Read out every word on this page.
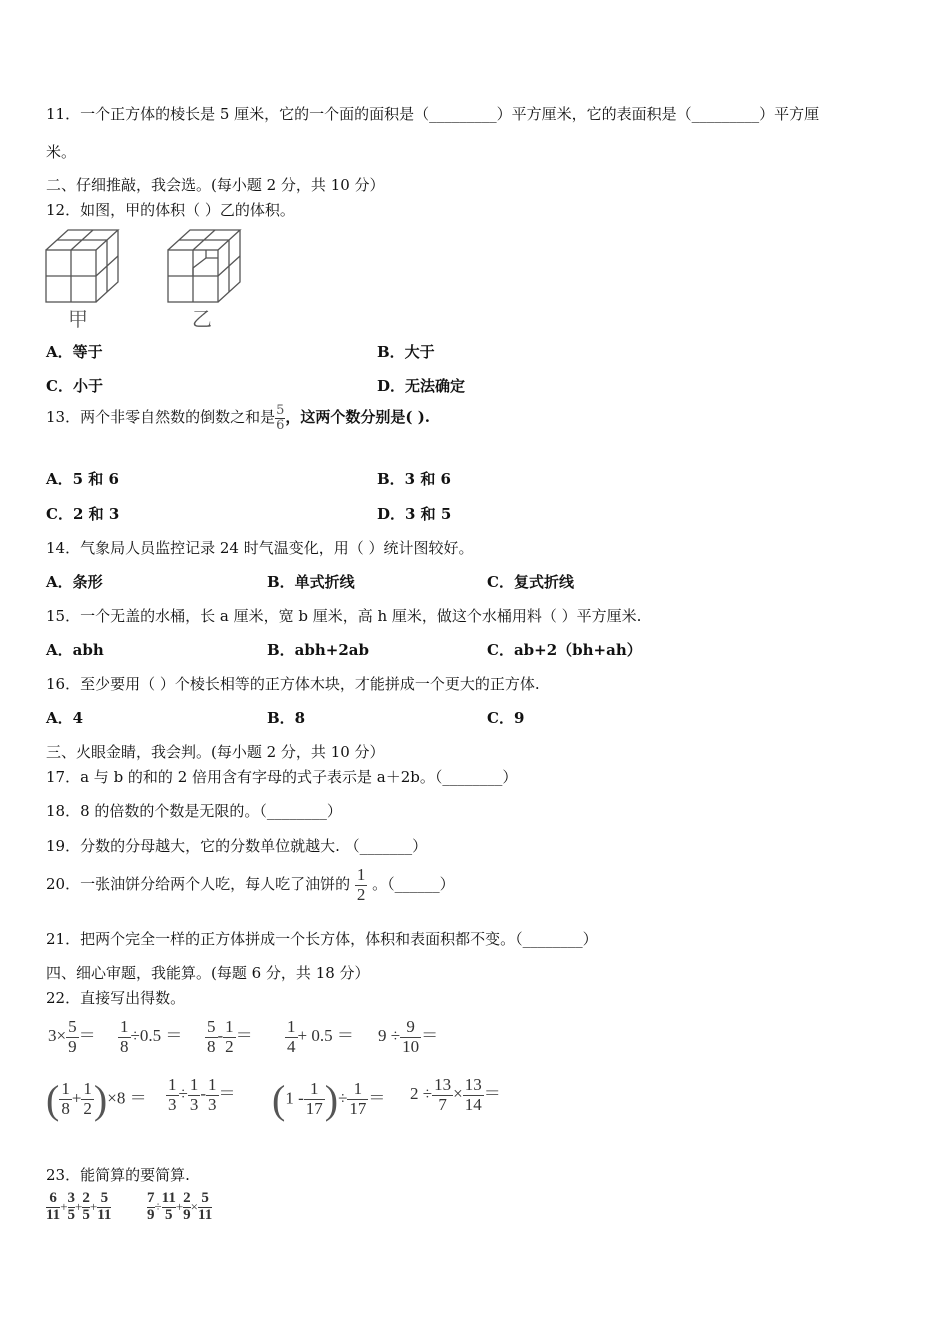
11．一个正方体的棱长是 5 厘米，它的一个面的面积是（_________）平方厘米，它的表面积是（_________）平方厘
米。
二、仔细推敲，我会选。(每小题 2 分，共 10 分）
12．如图，甲的体积（ ）乙的体积。
甲	乙
A．等于	B．大于
C．小于	D．无法确定
13．两个非零自然数的倒数之和是 $\frac{5}{6}$ ，这两个数分别是( ).
A．5 和 6	B．3 和 6
C．2 和 3	D．3 和 5
14．气象局人员监控记录 24 时气温变化，用（ ）统计图较好。
A．条形	B．单式折线	C．复式折线
15．一个无盖的水桶，长 a 厘米，宽 b 厘米，高 h 厘米，做这个水桶用料（ ）平方厘米.
A．abh	B．abh+2ab	C．ab+2（bh+ah）
16．至少要用（ ）个棱长相等的正方体木块，才能拼成一个更大的正方体.
A．4	B．8	C．9
三、火眼金睛，我会判。(每小题 2 分，共 10 分）
17．a 与 b 的和的 2 倍用含有字母的式子表示是 a＋2b。（________）
18．8 的倍数的个数是无限的。（________）
19．分数的分母越大，它的分数单位就越大. （_______）
20．一张油饼分给两个人吃，每人吃了油饼的 $\frac{1}{2}$ 。（______）
21．把两个完全一样的正方体拼成一个长方体，体积和表面积都不变。（________）
四、细心审题，我能算。(每题 6 分，共 18 分）
22．直接写出得数。
$3\times \frac{5}{9} = \frac{1}{8} \div 0.5 = \frac{5}{8} - \frac{1}{2} = \frac{1}{4} + 0.5 = 9 \div \frac{9}{10}$ ＝
( $\frac{1}{8} + \frac{1}{2} )\times 8 = \frac{1}{3} \div \frac{1}{3} - \frac{1}{3} = (1 - \frac{1}{17}$ )÷ $\frac{1}{17} = 2 \div \frac{13}{7} \times \frac{13}{14}$ ＝
23．能简算的要简算.
$\frac{6}{11} + \frac{3}{5} + \frac{2}{5} + \frac{5}{11} \frac{7}{9} \div \frac{11}{5} + \frac{2}{9} \times \frac{5}{11}$
